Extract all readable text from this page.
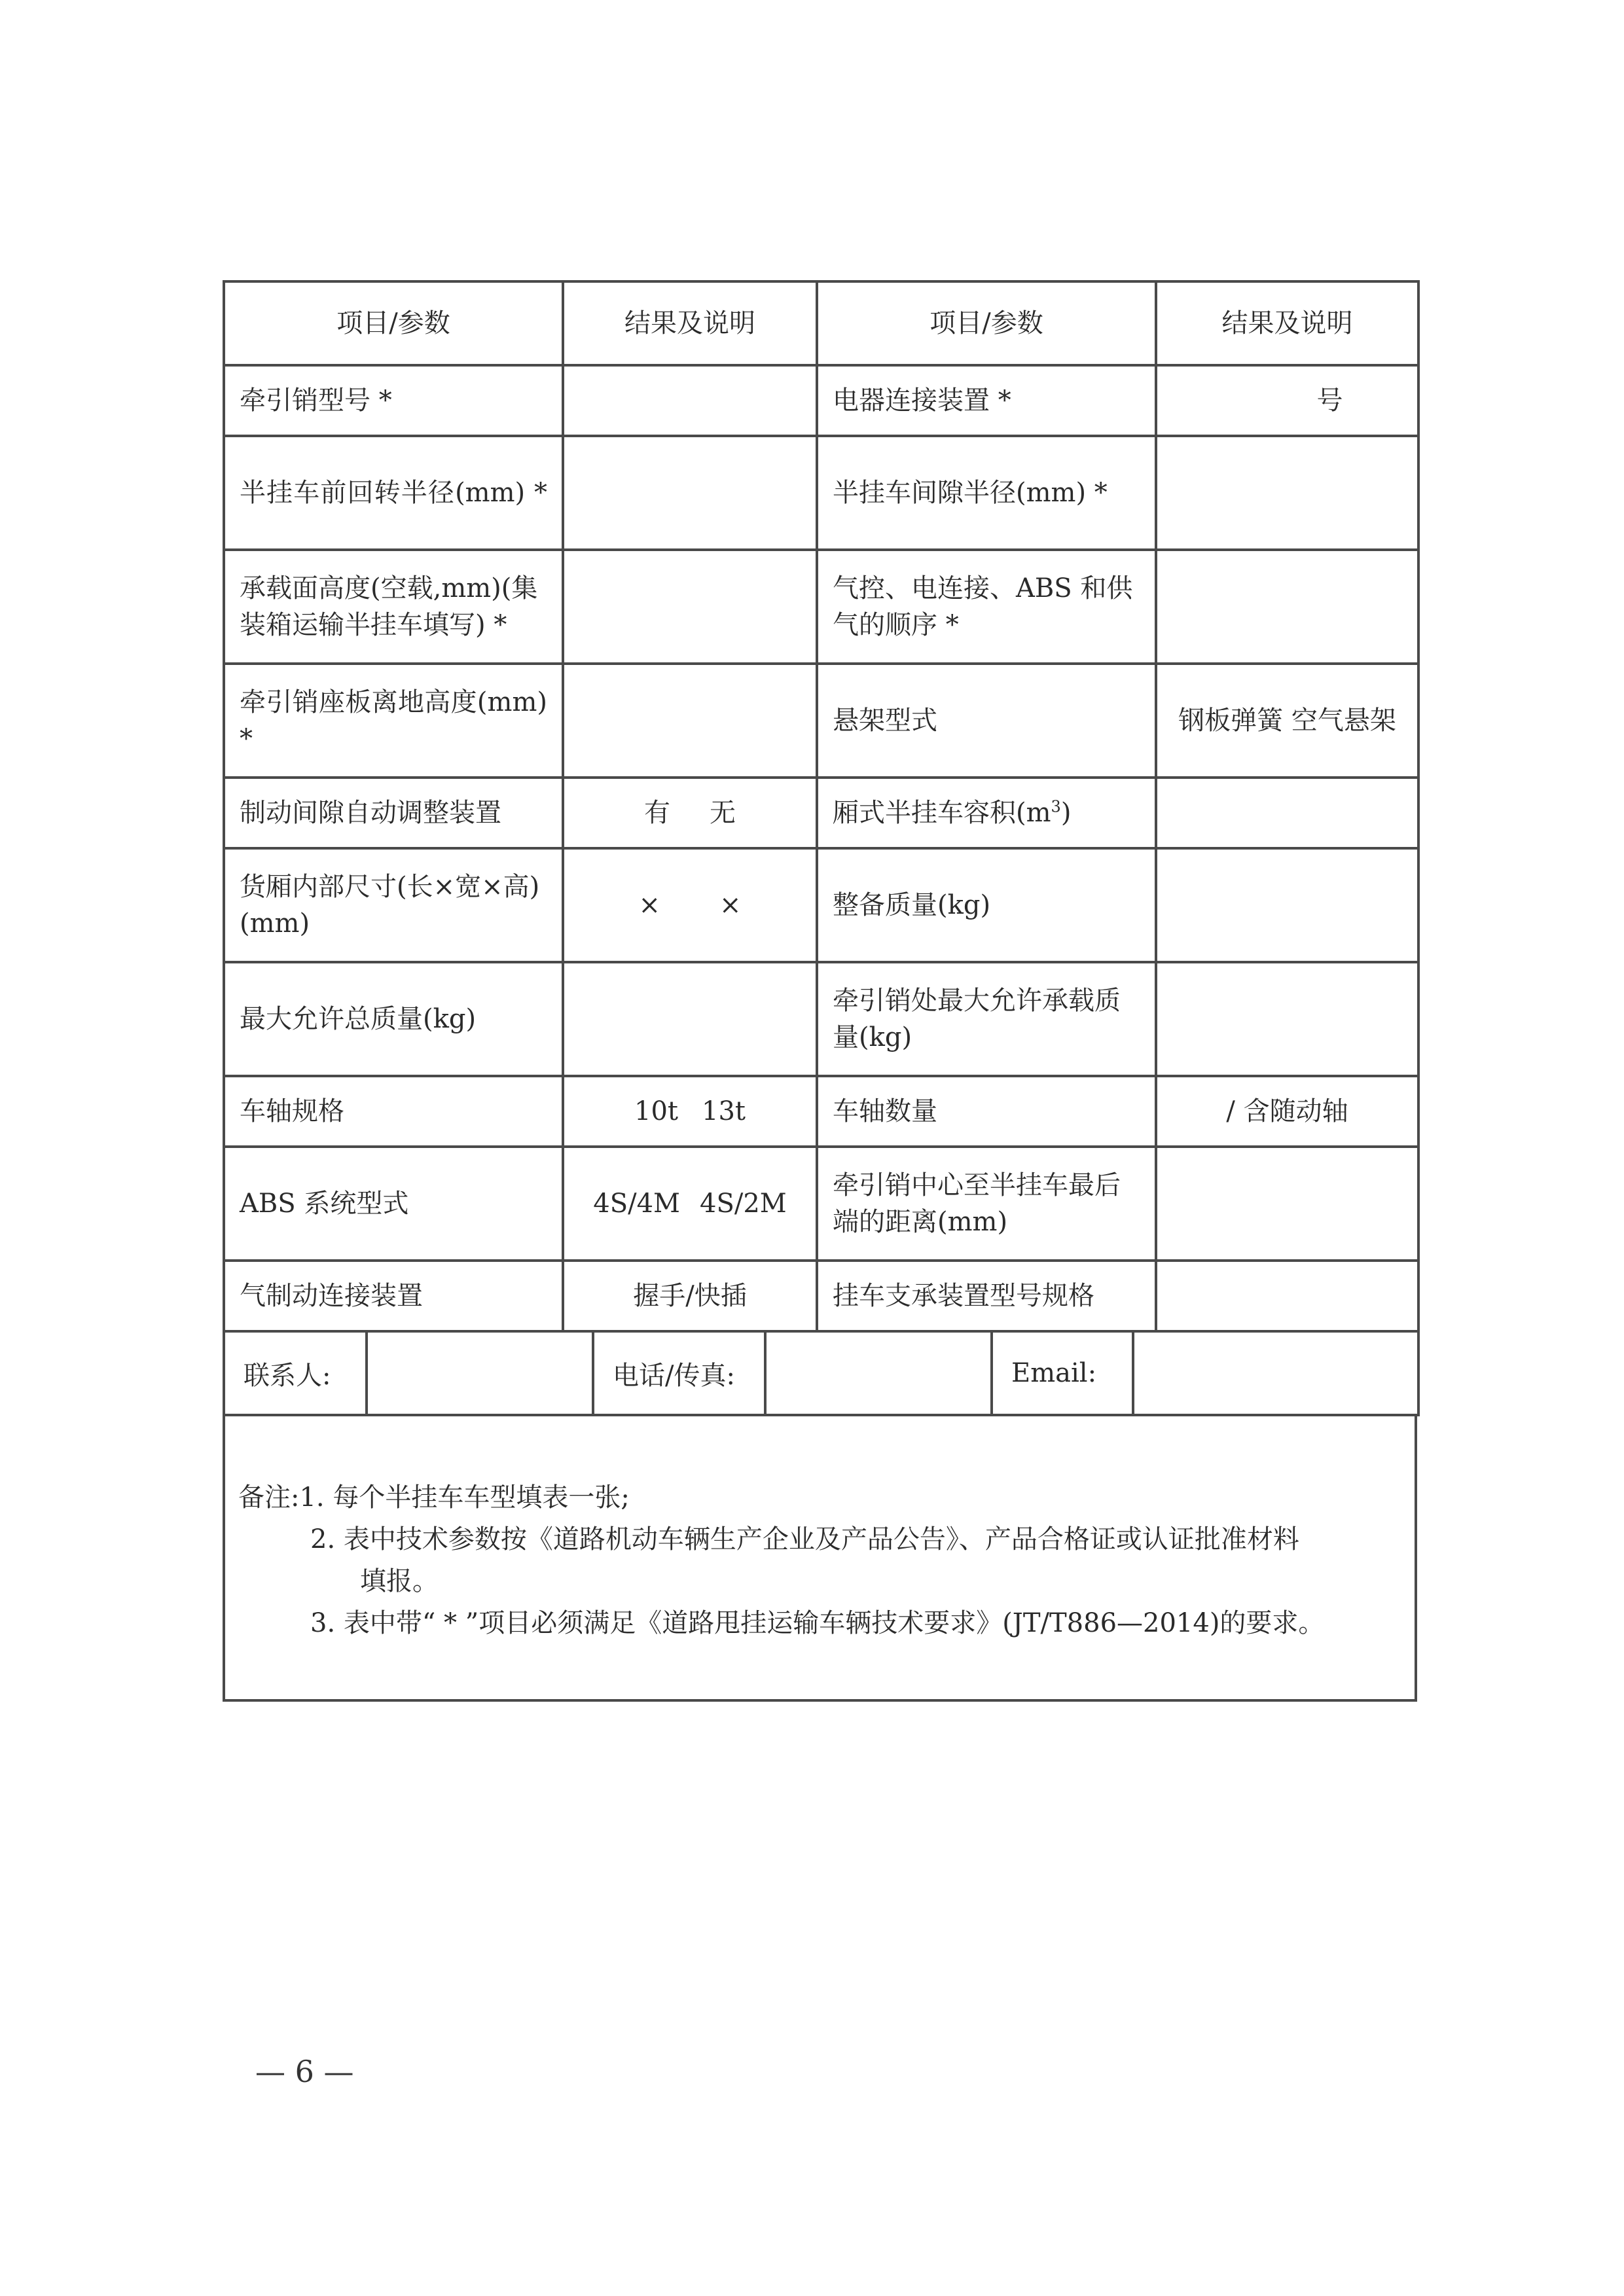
项目/参数	结果及说明	项目/参数	结果及说明
牵引销型号 *		电器连接装置 *	号
半挂车前回转半径(mm) *		半挂车间隙半径(mm) *	
承载面高度(空载,mm)(集装箱运输半挂车填写) *		气控、电连接、ABS 和供气的顺序 *	
牵引销座板离地高度(mm) *		悬架型式	钢板弹簧 空气悬架
制动间隙自动调整装置	有 无	厢式半挂车容积$(m^3)$	
货厢内部尺寸(长×宽×高)(mm)	× ×	整备质量(kg)	
最大允许总质量(kg)		牵引销处最大允许承载质量(kg)	
车轴规格	10t 13t	车轴数量	/ 含随动轴
ABS 系统型式	4S/4M 4S/2M	牵引销中心至半挂车最后端的距离(mm)	
气制动连接装置	握手/快插	挂车支承装置型号规格	
联系人:		电话/传真:		Email:	
备注:1. 每个半挂车车型填表一张;
2. 表中技术参数按《道路机动车辆生产企业及产品公告》、产品合格证或认证批准材料
填报。
3. 表中带“ * ”项目必须满足《道路甩挂运输车辆技术要求》(JT/T886—2014)的要求。
— 6 —
